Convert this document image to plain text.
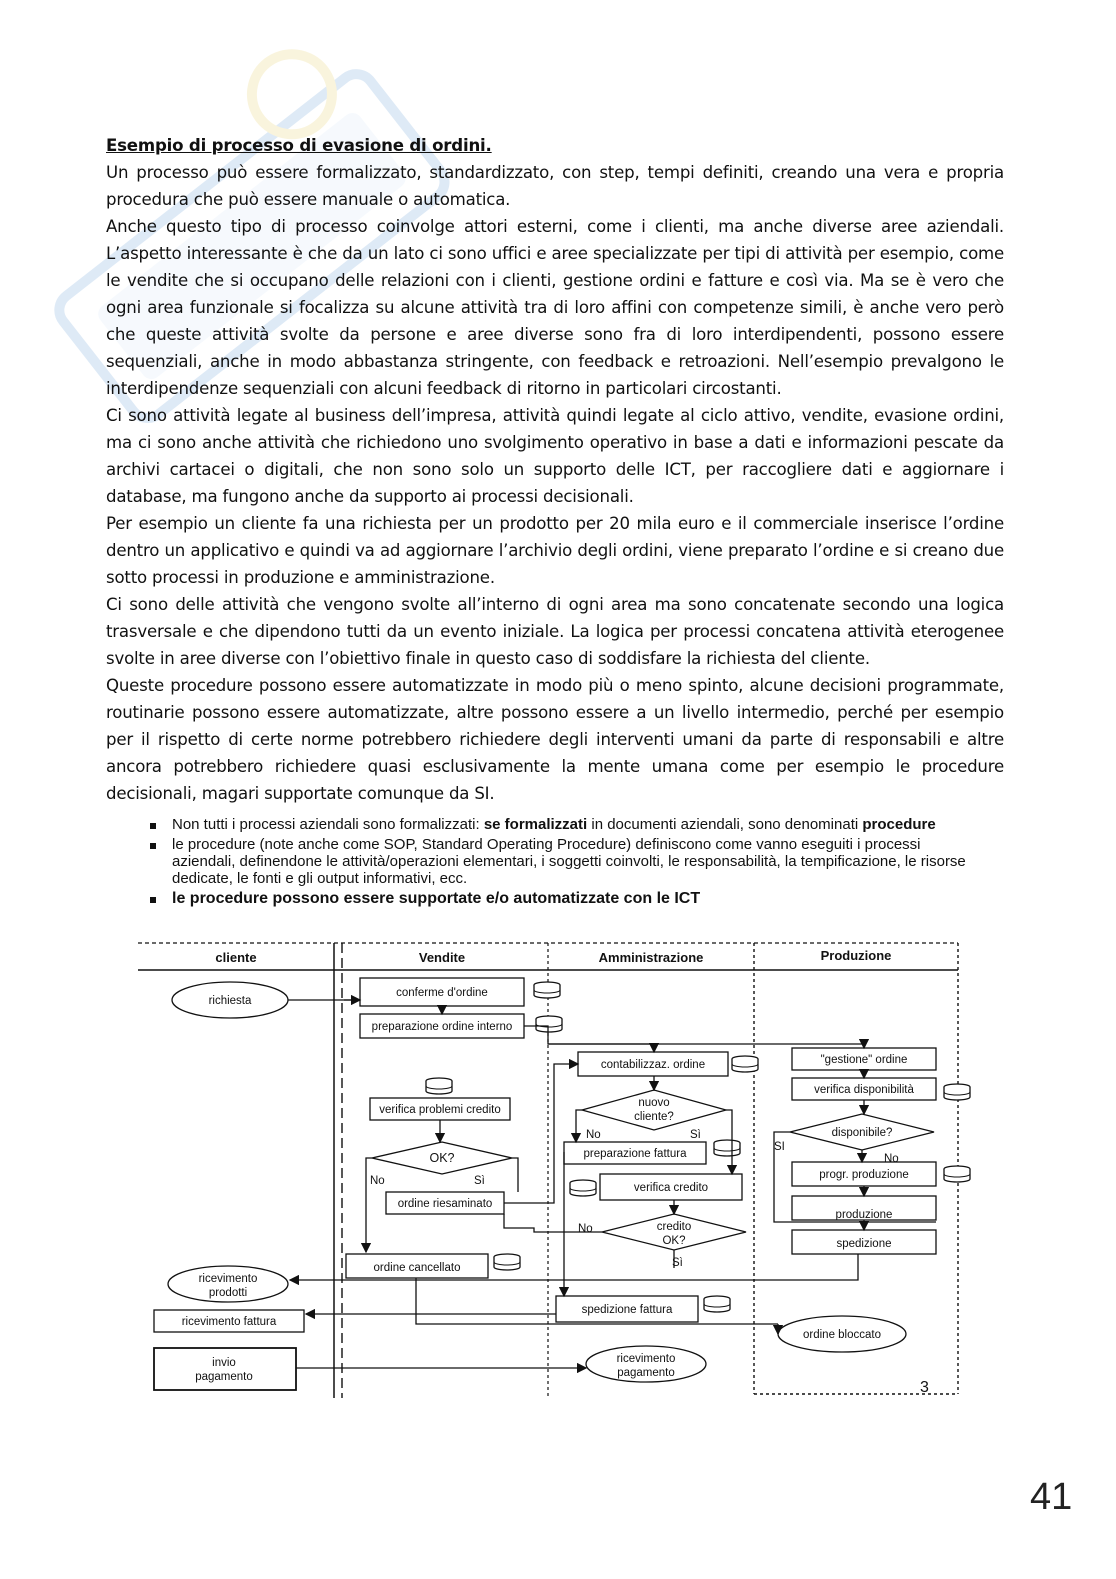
Esempio di processo di evasione di ordini.

Un processo può essere formalizzato, standardizzato, con step, tempi definiti, creando una vera e propria procedura che può essere manuale o automatica.

Anche questo tipo di processo coinvolge attori esterni, come i clienti, ma anche diverse aree aziendali. L’aspetto interessante è che da un lato ci sono uffici e aree specializzate per tipi di attività per esempio, come le vendite che si occupano delle relazioni con i clienti, gestione ordini e fatture e così via. Ma se è vero che ogni area funzionale si focalizza su alcune attività tra di loro affini con competenze simili, è anche vero però che queste attività svolte da persone e aree diverse sono fra di loro interdipendenti, possono essere sequenziali, anche in modo abbastanza stringente, con feedback e retroazioni. Nell’esempio prevalgono le interdipendenze sequenziali con alcuni feedback di ritorno in particolari circostanti.

Ci sono attività legate al business dell’impresa, attività quindi legate al ciclo attivo, vendite, evasione ordini, ma ci sono anche attività che richiedono uno svolgimento operativo in base a dati e informazioni pescate da archivi cartacei o digitali, che non sono solo un supporto delle ICT, per raccogliere dati e aggiornare i database, ma fungono anche da supporto ai processi decisionali.

Per esempio un cliente fa una richiesta per un prodotto per 20 mila euro e il commerciale inserisce l’ordine dentro un applicativo e quindi va ad aggiornare l’archivio degli ordini, viene preparato l’ordine e si creano due sotto processi in produzione e amministrazione.

Ci sono delle attività che vengono svolte all’interno di ogni area ma sono concatenate secondo una logica trasversale e che dipendono tutti da un evento iniziale. La logica per processi concatena attività eterogenee svolte in aree diverse con l’obiettivo finale in questo caso di soddisfare la richiesta del cliente.

Queste procedure possono essere automatizzate in modo più o meno spinto, alcune decisioni programmate, routinarie possono essere automatizzate, altre possono essere a un livello intermedio, perché per esempio per il rispetto di certe norme potrebbero richiedere degli interventi umani da parte di responsabili e altre ancora potrebbero richiedere quasi esclusivamente la mente umana come per esempio le procedure decisionali, magari supportate comunque da SI.

Non tutti i processi aziendali sono formalizzati: se formalizzati in documenti aziendali, sono denominati procedure
le procedure (note anche come SOP, Standard Operating Procedure) definiscono come vanno eseguiti i processi aziendali, definendone le attività/operazioni elementari, i soggetti coinvolti, le responsabilità, la tempificazione, le risorse dedicate, le fonti e gli output informativi, ecc.
le procedure possono essere supportate e/o automatizzate con le ICT
cliente	Vendite	Amministrazione	Produzione
richiesta
conferme d'ordine
preparazione ordine interno
contabilizzaz. ordine	"gestione" ordine
verifica disponibilità
nuovo
cliente?
verifica problemi credito
preparazione fattura
disponibile?
OK?
verifica credito
progr. produzione
ordine riesaminato
produzione
credito
OK?	spedizione
ordine cancellato
ricevimento
prodotti
spedizione fattura
ricevimento fattura
ordine bloccato
invio
pagamento
ricevimento
pagamento
No	Sì
No	Sì
SI
No
No
Sì
3
41
